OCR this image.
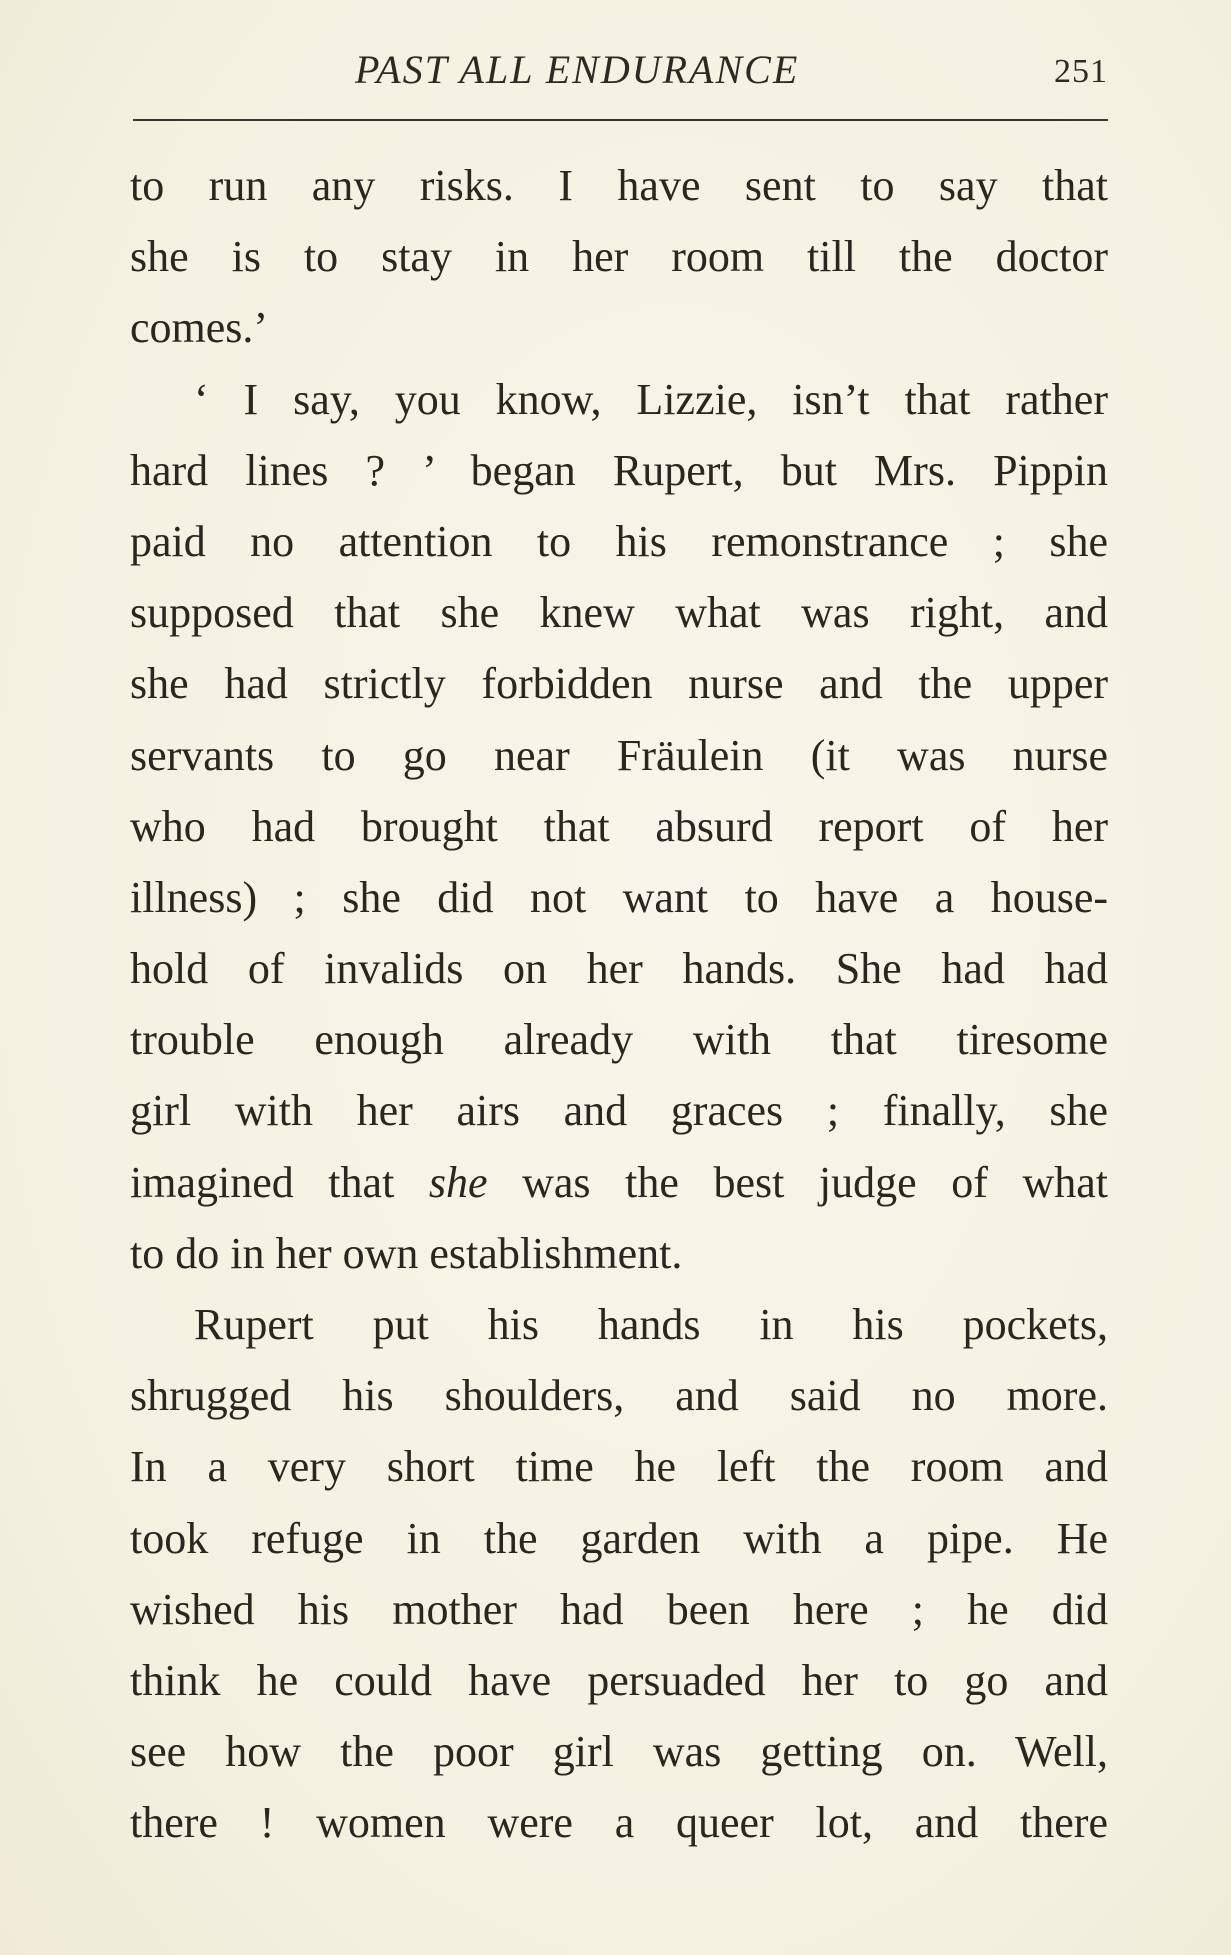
PAST ALL ENDURANCE	251
to run any risks. I have sent to say that
she is to stay in her room till the doctor
comes.’
‘ I say, you know, Lizzie, isn’t that rather
hard lines ? ’ began Rupert, but Mrs. Pippin
paid no attention to his remonstrance ; she
supposed that she knew what was right, and
she had strictly forbidden nurse and the upper
servants to go near Fräulein (it was nurse
who had brought that absurd report of her
illness) ; she did not want to have a house-
hold of invalids on her hands. She had had
trouble enough already with that tiresome
girl with her airs and graces ; finally, she
imagined that she was the best judge of what
to do in her own establishment.
Rupert put his hands in his pockets,
shrugged his shoulders, and said no more.
In a very short time he left the room and
took refuge in the garden with a pipe. He
wished his mother had been here ; he did
think he could have persuaded her to go and
see how the poor girl was getting on. Well,
there ! women were a queer lot, and there
